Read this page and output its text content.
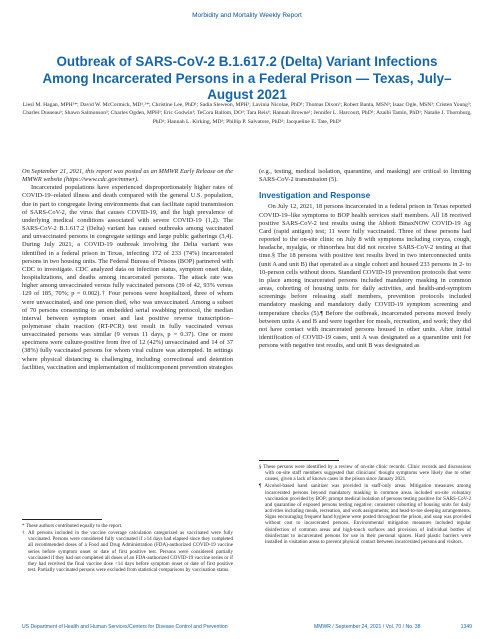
Morbidity and Mortality Weekly Report
Outbreak of SARS-CoV-2 B.1.617.2 (Delta) Variant Infections Among Incarcerated Persons in a Federal Prison — Texas, July–August 2021
Liesl M. Hagan, MPH¹*; David W. McCormick, MD¹,²*; Christine Lee, PhD¹; Sadia Sleweon, MPH¹; Lavinia Nicolae, PhD¹; Thomas Dixon³; Robert Banta, MSN³; Isaac Ogle, MSN³; Cristen Young³; Charles Dusseau³; Shawn Salmonson³; Charles Ogden, MPH³; Eric Godwin³; TeCora Ballom, DO³; Tara Reis³; Hannah Browne¹; Jennifer L. Harcourt, PhD¹; Azaibi Tamin, PhD¹; Natalie J. Thornburg, PhD¹; Hannah L. Kirking, MD¹; Phillip P. Salvatore, PhD¹; Jacqueline E. Tate, PhD¹

On September 21, 2021, this report was posted as an MMWR Early Release on the MMWR website (https://www.cdc.gov/mmwr).

Incarcerated populations have experienced disproportionately higher rates of COVID-19–related illness and death compared with the general U.S. population, due in part to congregate living environments that can facilitate rapid transmission of SARS-CoV-2, the virus that causes COVID-19, and the high prevalence of underlying medical conditions associated with severe COVID-19 (1,2). The SARS-CoV-2 B.1.617.2 (Delta) variant has caused outbreaks among vaccinated and unvaccinated persons in congregate settings and large public gatherings (3,4). During July 2021, a COVID-19 outbreak involving the Delta variant was identified in a federal prison in Texas, infecting 172 of 233 (74%) incarcerated persons in two housing units. The Federal Bureau of Prisons (BOP) partnered with CDC to investigate. CDC analyzed data on infection status, symptom onset date, hospitalizations, and deaths among incarcerated persons. The attack rate was higher among unvaccinated versus fully vaccinated persons (39 of 42, 93% versus 129 of 185, 70%; p = 0.002).† Four persons were hospitalized, three of whom were unvaccinated, and one person died, who was unvaccinated. Among a subset of 70 persons consenting to an embedded serial swabbing protocol, the median interval between symptom onset and last positive reverse transcription–polymerase chain reaction (RT-PCR) test result in fully vaccinated versus unvaccinated persons was similar (9 versus 11 days, p = 0.37). One or more specimens were culture-positive from five of 12 (42%) unvaccinated and 14 of 37 (38%) fully vaccinated persons for whom viral culture was attempted. In settings where physical distancing is challenging, including correctional and detention facilities, vaccination and implementation of multicomponent prevention strategies

* These authors contributed equally to the report.

† All persons included in the vaccine coverage calculation categorized as vaccinated were fully vaccinated. Persons were considered fully vaccinated if ≥14 days had elapsed since they completed all recommended doses of a Food and Drug Administration (FDA)-authorized COVID-19 vaccine series before symptom onset or date of first positive test. Persons were considered partially vaccinated if they had not completed all doses of an FDA-authorized COVID-19 vaccine series or if they had received the final vaccine dose <14 days before symptom onset or date of first positive test. Partially vaccinated persons were excluded from statistical comparisons by vaccination status.

(e.g., testing, medical isolation, quarantine, and masking) are critical to limiting SARS-CoV-2 transmission (5).

Investigation and Response

On July 12, 2021, 18 persons incarcerated in a federal prison in Texas reported COVID-19–like symptoms to BOP health services staff members. All 18 received positive SARS-CoV-2 test results using the Abbott BinaxNOW COVID-19 Ag Card (rapid antigen) test; 11 were fully vaccinated. Three of these persons had reported to the on-site clinic on July 8 with symptoms including coryza, cough, headache, myalgia, or rhinorrhea but did not receive SARS-CoV-2 testing at that time.§ The 18 persons with positive test results lived in two interconnected units (unit A and unit B) that operated as a single cohort and housed 233 persons in 2- to 10-person cells without doors. Standard COVID-19 prevention protocols that were in place among incarcerated persons included mandatory masking in common areas, cohorting of housing units for daily activities, and health-and-symptom screenings before releasing staff members, prevention protocols included mandatory masking and mandatory daily COVID-19 symptom screening and temperature checks (5).¶ Before the outbreak, incarcerated persons moved freely between units A and B and were together for meals, recreation, and work; they did not have contact with incarcerated persons housed in other units. After initial identification of COVID-19 cases, unit A was designated as a quarantine unit for persons with negative test results, and unit B was designated as

§ These persons were identified by a review of on-site clinic records. Clinic records and discussions with on-site staff members suggested that clinicians' thought symptoms were likely due to other causes, given a lack of known cases in the prison since January 2021.

¶ Alcohol-based hand sanitizer was provided in staff-only areas. Mitigation measures among incarcerated persons beyond mandatory masking in common areas included on-site voluntary vaccination provided by BOP; prompt medical isolation of persons testing positive for SARS-CoV-2 and quarantine of exposed persons testing negative; consistent cohorting of housing units for daily activities including meals, recreation, and work assignments; and head-to-toe sleeping arrangements. Signs encouraging frequent hand hygiene were posted throughout the prison, and soap was provided without cost to incarcerated persons. Environmental mitigation measures included regular disinfection of common areas and high-touch surfaces and provision of individual bottles of disinfectant to incarcerated persons for use in their personal spaces. Hard plastic barriers were installed in visitation areas to prevent physical contact between incarcerated persons and visitors.

US Department of Health and Human Services/Centers for Disease Control and Prevention	MMWR / September 24, 2021 / Vol. 70 / No. 38	1349
